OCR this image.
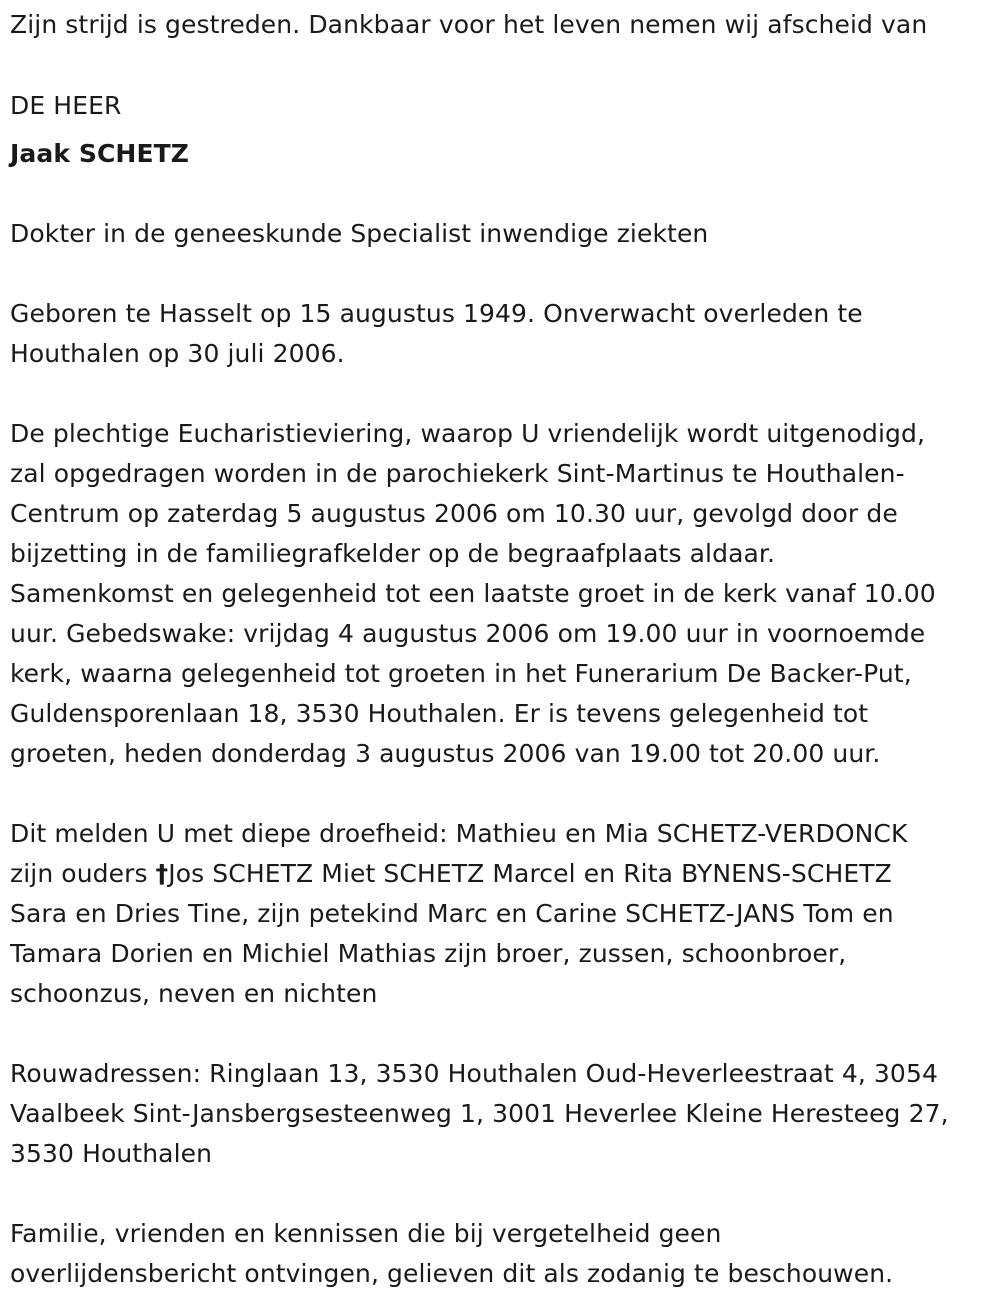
Zijn strijd is gestreden. Dankbaar voor het leven nemen wij afscheid van
DE HEER
Jaak SCHETZ
Dokter in de geneeskunde Specialist inwendige ziekten
Geboren te Hasselt op 15 augustus 1949. Onverwacht overleden te
Houthalen op 30 juli 2006.
De plechtige Eucharistieviering, waarop U vriendelijk wordt uitgenodigd,
zal opgedragen worden in de parochiekerk Sint-Martinus te Houthalen-
Centrum op zaterdag 5 augustus 2006 om 10.30 uur, gevolgd door de
bijzetting in de familiegrafkelder op de begraafplaats aldaar.
Samenkomst en gelegenheid tot een laatste groet in de kerk vanaf 10.00
uur. Gebedswake: vrijdag 4 augustus 2006 om 19.00 uur in voornoemde
kerk, waarna gelegenheid tot groeten in het Funerarium De Backer-Put,
Guldensporenlaan 18, 3530 Houthalen. Er is tevens gelegenheid tot
groeten, heden donderdag 3 augustus 2006 van 19.00 tot 20.00 uur.
Dit melden U met diepe droefheid: Mathieu en Mia SCHETZ-VERDONCK
zijn ouders †Jos SCHETZ Miet SCHETZ Marcel en Rita BYNENS-SCHETZ
Sara en Dries Tine, zijn petekind Marc en Carine SCHETZ-JANS Tom en
Tamara Dorien en Michiel Mathias zijn broer, zussen, schoonbroer,
schoonzus, neven en nichten
Rouwadressen: Ringlaan 13, 3530 Houthalen Oud-Heverleestraat 4, 3054
Vaalbeek Sint-Jansbergsesteenweg 1, 3001 Heverlee Kleine Heresteeg 27,
3530 Houthalen
Familie, vrienden en kennissen die bij vergetelheid geen
overlijdensbericht ontvingen, gelieven dit als zodanig te beschouwen.
